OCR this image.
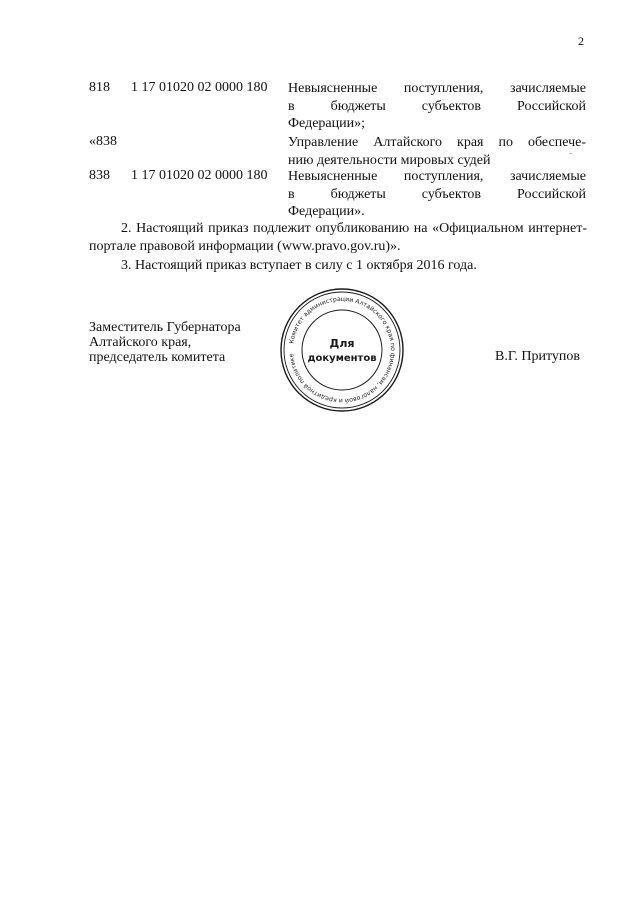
2
818 1 17 01020 02 0000 180 Невыясненные поступления, зачисляемые
в бюджеты субъектов Российской
Федерации»;
«838	Управление Алтайского края по обеспече-
нию деятельности мировых судей
838 1 17 01020 02 0000 180 Невыясненные поступления, зачисляемые
в бюджеты субъектов Российской
Федерации».
2. Настоящий приказ подлежит опубликованию на «Официальном интернет-портале правовой информации (www.pravo.gov.ru)».
3. Настоящий приказ вступает в силу с 1 октября 2016 года.
Заместитель Губернатора
Алтайского края,
председатель комитета	В.Г. Притупов
Комитет администрации Алтайского края по финансам, налоговой и кредитной политике
Для
документов
